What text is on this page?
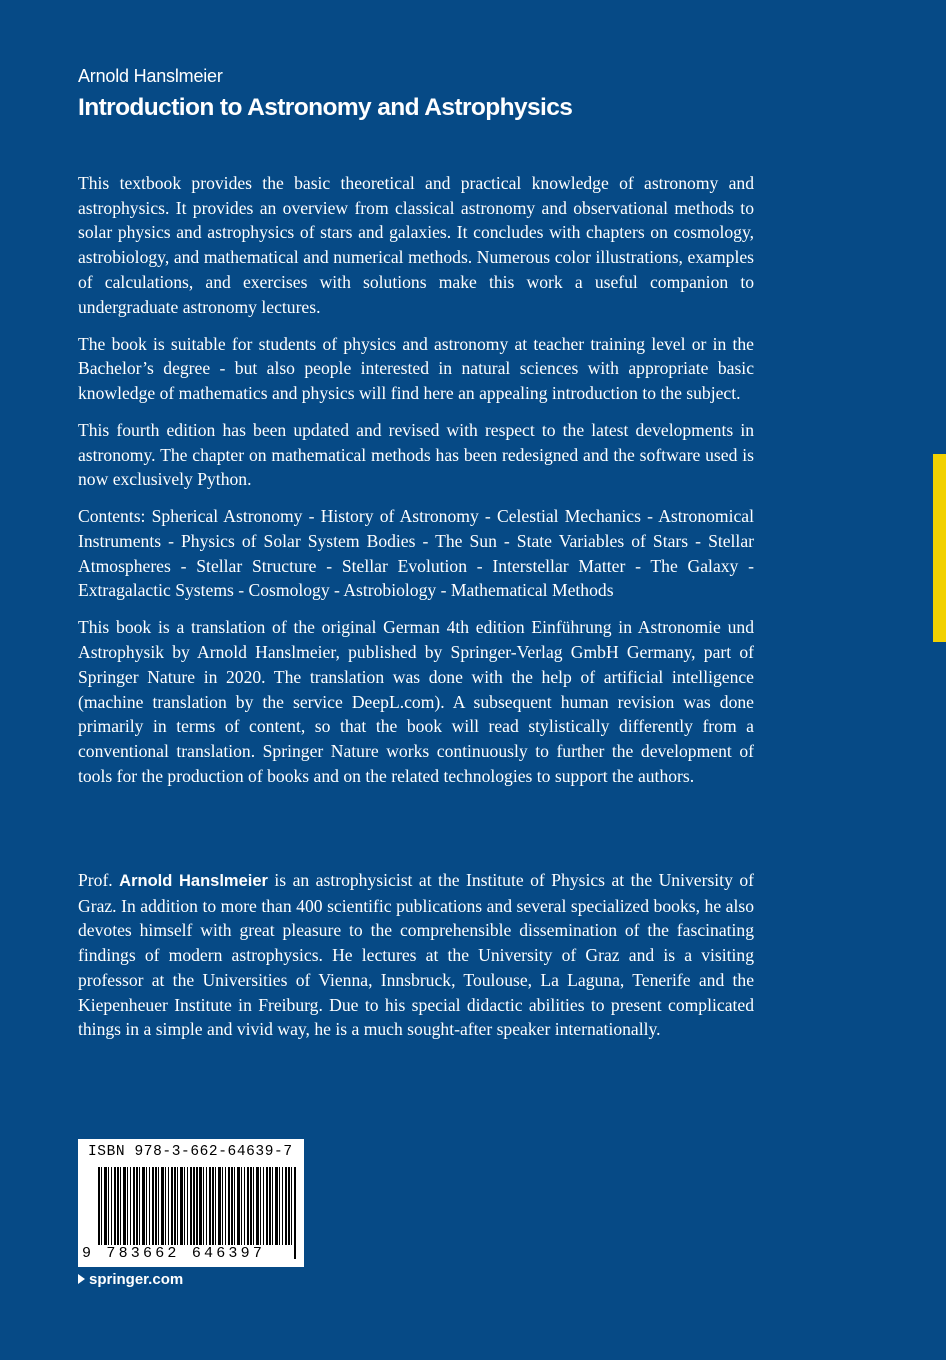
Arnold Hanslmeier
Introduction to Astronomy and Astrophysics

This textbook provides the basic theoretical and practical knowledge of astronomy and astrophysics. It provides an overview from classical astronomy and observational methods to solar physics and astrophysics of stars and galaxies. It concludes with chapters on cosmology, astrobiology, and mathematical and numerical methods. Numerous color illustrations, examples of calculations, and exercises with solutions make this work a useful companion to undergraduate astronomy lectures.

The book is suitable for students of physics and astronomy at teacher training level or in the Bachelor’s degree - but also people interested in natural sciences with appropriate basic knowledge of mathematics and physics will find here an appealing introduction to the subject.

This fourth edition has been updated and revised with respect to the latest developments in astronomy. The chapter on mathematical methods has been redesigned and the software used is now exclusively Python.

Contents: Spherical Astronomy - History of Astronomy - Celestial Mechanics - Astronomical Instruments - Physics of Solar System Bodies - The Sun - State Variables of Stars - Stellar Atmospheres - Stellar Structure - Stellar Evolution - Interstellar Matter - The Galaxy - Extragalactic Systems - Cosmology - Astrobiology - Mathematical Methods

This book is a translation of the original German 4th edition Einführung in Astronomie und Astrophysik by Arnold Hanslmeier, published by Springer-Verlag GmbH Germany, part of Springer Nature in 2020. The translation was done with the help of artificial intelligence (machine translation by the service DeepL.com). A subsequent human revision was done primarily in terms of content, so that the book will read stylistically differently from a conventional translation. Springer Nature works continuously to further the development of tools for the production of books and on the related technologies to support the authors.

Prof. Arnold Hanslmeier is an astrophysicist at the Institute of Physics at the University of Graz. In addition to more than 400 scientific publications and several specialized books, he also devotes himself with great pleasure to the comprehensible dissemination of the fascinating findings of modern astrophysics. He lectures at the University of Graz and is a visiting professor at the Universities of Vienna, Innsbruck, Toulouse, La Laguna, Tenerife and the Kiepenheuer Institute in Freiburg. Due to his special didactic abilities to present complicated things in a simple and vivid way, he is a much sought-after speaker internationally.

ISBN 978-3-662-64639-7
9 783662 646397
springer.com
